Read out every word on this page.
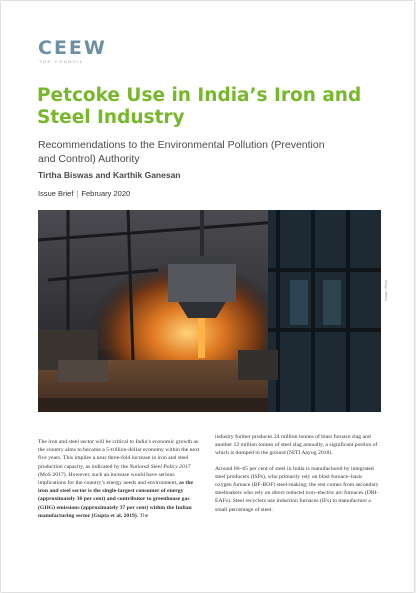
CEEW
THE COUNCIL
Petcoke Use in India’s Iron and Steel Industry

Recommendations to the Environmental Pollution (Prevention and Control) Authority

Tirtha Biswas and Karthik Ganesan

Issue Brief | February 2020

Image: iStock

The iron and steel sector will be critical to India’s economic growth as the country aims to become a 5-trillion-dollar economy within the next five years. This implies a near three-fold increase in iron and steel production capacity, as indicated by the National Steel Policy 2017 (MoS 2017). However, such an increase would have serious implications for the country’s energy needs and environment, as the iron and steel sector is the single-largest consumer of energy (approximately 36 per cent) and contributor to greenhouse gas (GHG) emissions (approximately 37 per cent) within the Indian manufacturing sector (Gupta et al. 2019). The

industry further produces 24 million tonnes of blast furnace slag and another 12 million tonnes of steel slag annually, a significant portion of which is dumped in the ground (NITI Aayog 2018).

Around 60–65 per cent of steel in India is manufactured by integrated steel producers (ISPs), who primarily rely on blast furnace–basic oxygen furnace (BF-BOF) steel-making; the rest comes from secondary steelmakers who rely on direct reduced iron–electric arc furnaces (DRI-EAFs). Steel recyclers use induction furnaces (IFs) to manufacture a small percentage of steel.
